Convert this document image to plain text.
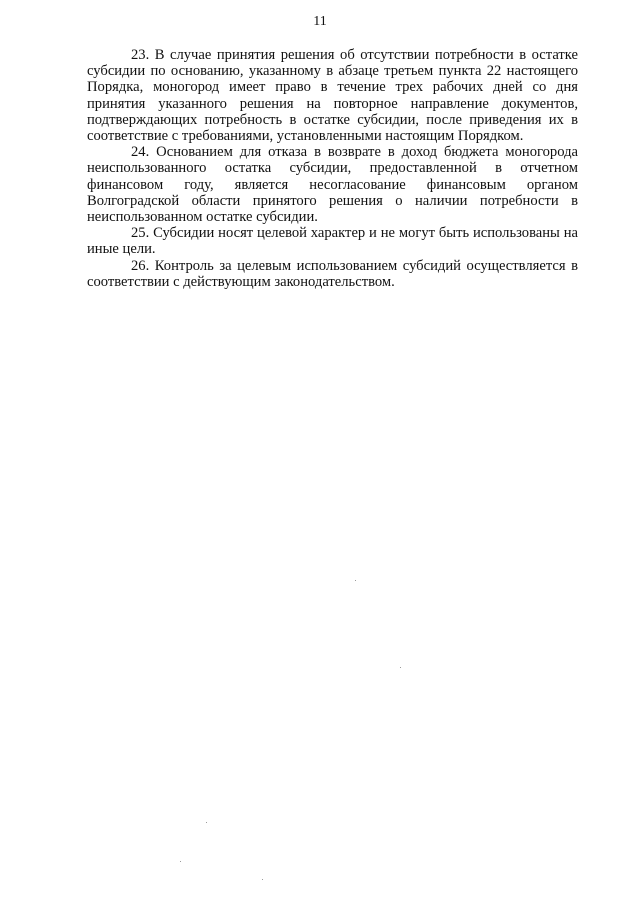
11

23. В случае принятия решения об отсутствии потребности в остатке субсидии по основанию, указанному в абзаце третьем пункта 22 настоящего Порядка, моногород имеет право в течение трех рабочих дней со дня принятия указанного решения на повторное направление документов, подтверждающих потребность в остатке субсидии, после приведения их в соответствие с требованиями, установленными настоящим Порядком.

24. Основанием для отказа в возврате в доход бюджета моногорода неиспользованного остатка субсидии, предоставленной в отчетном финансовом году, является несогласование финансовым органом Волгоградской области принятого решения о наличии потребности в неиспользованном остатке субсидии.

25. Субсидии носят целевой характер и не могут быть использованы на иные цели.

26. Контроль за целевым использованием субсидий осуществляется в соответствии с действующим законодательством.
